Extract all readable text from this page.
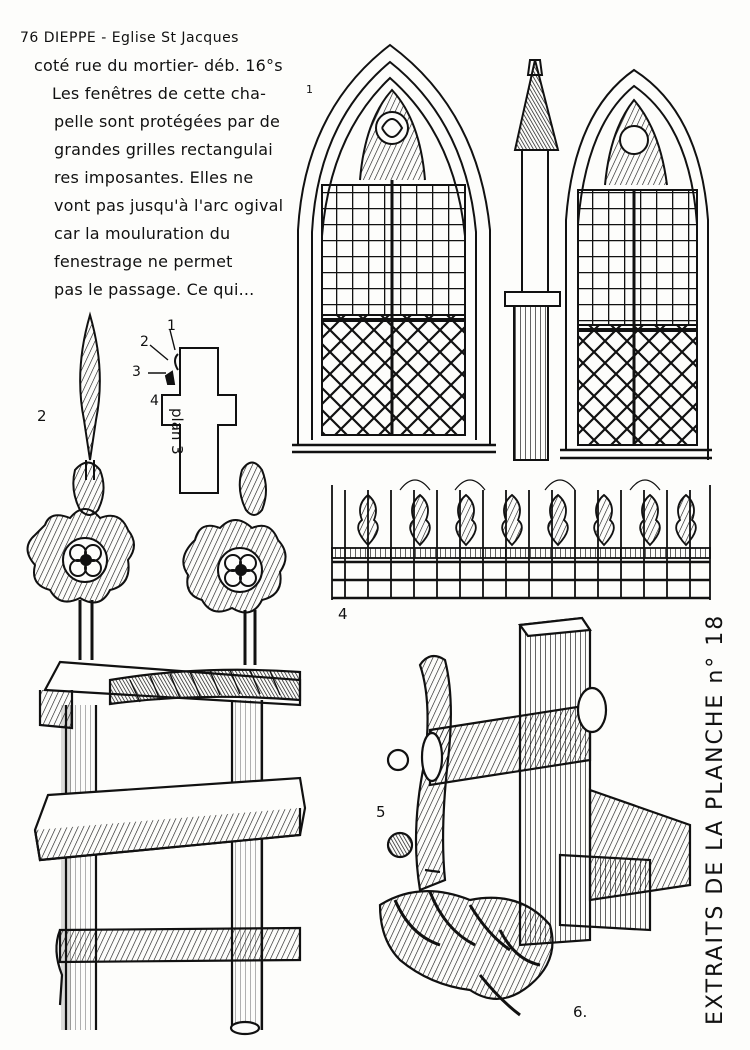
76 DIEPPE - Eglise St Jacques
coté rue du mortier- déb. 16°s
Les fenêtres de cette cha-
pelle sont protégées par de
grandes grilles rectangulai
res imposantes. Elles ne
vont pas jusqu'à l'arc ogival
car la mouluration du
fenestrage ne permet
pas le passage. Ce qui...
plan 3
1
2
3
4
1
2
4
5
6.	EXTRAITS DE LA PLANCHE n° 18
